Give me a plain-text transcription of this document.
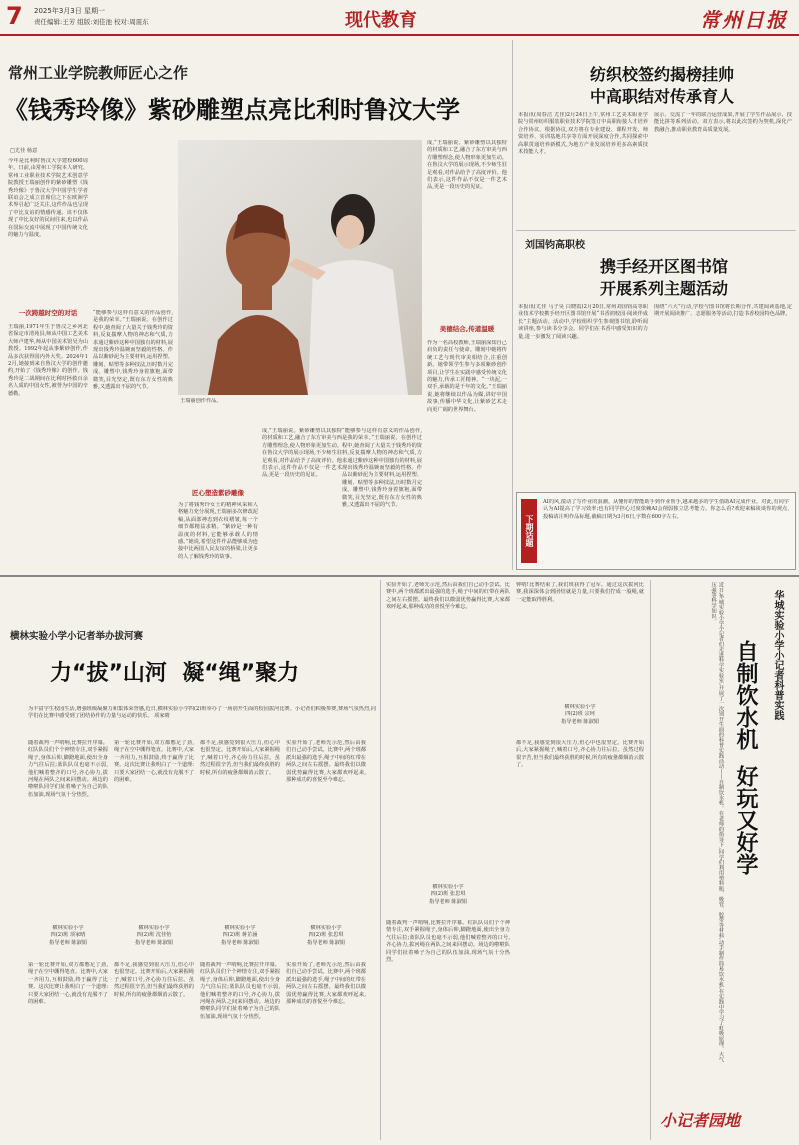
7 2025年3月3日 星期一
责任编辑:王芳 组版:刘佳池 校对:周震东	现代教育	常州日报
常州工业学院教师匠心之作
《钱秀玲像》紫砂雕塑点亮比利时鲁汶大学
□尤佳 杨意
今年是比利时鲁汶大学建校600周年。日前,由常州工学院本人研究、常州工业职业技术学院艺术创意学院教授王瑞丽创作的紫砂雕塑《钱秀玲像》于鲁汶大学中国学生学者联谊会之成立首席信之下在欧洲学术界引起广泛关注,这件作品也呈现了中比友谊的情感传递。该不仅体现了中比友好的民间往来,也以作品在国际交流中展现了中国传统文化的魅力与温度。
一次跨越时空的对话
王瑞丽,1971年生于鲁汶之乡河北省保定市清苑县,师从中国工艺美术大师卢建华,师从中国美术馆吴为山教授。1992年起从事紫砂创作,作品多次获得国内外大奖。2024年12月,她接到来自鲁汶大学的创作邀约,开始了《钱秀玲像》的创作。钱秀玲是二战期间在比利时拯救百余名人质的中国女性,被誉为中国的辛德勒。
“能够参与这样有意义的作品创作,是我的荣幸。”王瑞丽说。在创作过程中,她查阅了大量关于钱秀玲的资料,反复揣摩人物的神态和气质,力求通过紫砂这种中国独有的材料,展现出钱秀玲温婉而坚毅的性格。作品以紫砂泥为主要材料,运用捏塑、雕刻、贴塑等多种技法,历时数月完成。雕塑中,钱秀玲身着旗袍,面带微笑,目光坚定,既有东方女性的典雅,又透露出不屈的气节。
王瑞丽创作作品。
匠心塑造紫砂雕像
为了将钱秀玲女士的精神风采和人格魅力充分展现,王瑞丽多次修改泥稿,从面部神态到衣纹褶皱,每一个细节都精益求精。“紫砂是一种有温度的材料,它能够承载人的情感。”她说,希望这件作品能够成为连接中比两国人民友谊的桥梁,让更多的人了解钱秀玲的故事。
成,”王瑞丽说。紫砂雕塑以其独特的材质和工艺,融合了东方审美与西方雕塑理念,使人物形象更加生动。在鲁汶大学的展示现场,不少师生驻足观看,对作品给予了高度评价。他们表示,这件作品不仅是一件艺术品,更是一段历史的见证。
“能够参与这样有意义的作品创作,是我的荣幸。”王瑞丽说。在创作过程中,她查阅了大量关于钱秀玲的资料,反复揣摩人物的神态和气质,力求通过紫砂这种中国独有的材料,展现出钱秀玲温婉而坚毅的性格。作品以紫砂泥为主要材料,运用捏塑、雕刻、贴塑等多种技法,历时数月完成。雕塑中,钱秀玲身着旗袍,面带微笑,目光坚定,既有东方女性的典雅,又透露出不屈的气节。
成,”王瑞丽说。紫砂雕塑以其独特的材质和工艺,融合了东方审美与西方雕塑理念,使人物形象更加生动。在鲁汶大学的展示现场,不少师生驻足观看,对作品给予了高度评价。他们表示,这件作品不仅是一件艺术品,更是一段历史的见证。
美德结合,传道温暖
作为一名高校教师,王瑞丽深知自己肩负的责任与使命。雕刻中她将传统工艺与现代审美相结合,注重创新。她带领学生参与多项紫砂创作项目,让学生在实践中感受传统文化的魅力,传承工匠精神。“一块泥,一双手,承载的是千年的文化。”王瑞丽说,她将继续以作品为媒,讲好中国故事,传播中华文化,让紫砂艺术走向更广阔的世界舞台。
纺织校签约揭榜挂帅
中高职结对传承育人
本报讯(周春洁 尤佳)2月24日上午,常州工艺美术职业学院与常州纺织服装职业技术学院签订中高职衔接人才培养合作协议。根据协议,双方将在专业建设、课程开发、师资培养、实训基地共享等方面开展深度合作,共同探索中高职贯通培养新模式,为地方产业发展培养更多高素质技术技能人才。
展示、交流了一年的联合运营成果,开展了学生作品展示、技能比拼等系列活动。双方表示,将以此次签约为契机,深化产教融合,推动职业教育高质量发展。
刘国钧高职校
携手经开区图书馆
开展系列主题活动
本报讯(尤佳 马子昊 白晓霞)2月20日,常州刘国钧高等职业技术学校携手经开区图书馆开展“书香润校园·阅读伴成长”主题活动。活动中,学校组织学生参观图书馆,聆听阅读讲座,参与读书分享会。同学们在书香中感受知识的力量,进一步激发了阅读兴趣。
围绕“六大”行动,学校与图书馆将长期合作,共建阅读基地,定期开展阅读推广、志愿服务等活动,打造书香校园特色品牌。
下期话题
AI的风,搅动了写作业的浪潮。从懂你的智能助手到作业帮手,越来越多的学生借助AI完成作业。对此,有同学认为AI提高了学习效率;也有同学担心过度依赖AI会削弱独立思考能力。你怎么看?欢迎来稿谈谈你的观点,投稿请注明作品标题,截稿日期为3月6日,字数在600字左右。
横林实验小学小记者举办拔河赛
力“拔”山河  凝“绳”聚力
为丰富学生校园生活,增强班级凝聚力和集体荣誉感,近日,横林实验小学四(2)班举办了一场别开生面的校园拔河比赛。小记者们积极参赛,赛场气氛热烈,同学们在比赛中感受到了团结协作的力量与运动的快乐。 项家晴
随着裁判一声哨响,比赛拉开序幕。红队队员们个个神情专注,双手紧握绳子,身体后仰,脚蹬地面,使出全身力气往后拉;蓝队队员也毫不示弱,他们喊着整齐的口号,齐心协力,拔河绳在两队之间来回摆动。场边的啦啦队同学们扯着嗓子为自己的队伍加油,现场气氛十分热烈。
横林实验小学
四(2)班 项家晴
指导老师 陈淑娟
第一轮比赛开始,双方都憋足了劲,绳子在空中绷得笔直。比赛中,大家一齐用力,互相鼓励,终于赢得了比赛。这次比赛让我明白了一个道理:只要大家团结一心,就没有克服不了的困难。
第一轮比赛开始,双方都憋足了劲,绳子在空中绷得笔直。比赛中,大家一齐用力,互相鼓励,终于赢得了比赛。这次比赛让我明白了一个道理:只要大家团结一心,就没有克服不了的困难。
横林实验小学
四(2)班 沈佳怡
指导老师 陈淑娟
都不足,我感觉到很大压力,但心中也很坚定。比赛开始后,大家紧握绳子,喊着口号,齐心协力往后拉。虽然过程很辛苦,但当我们最终获胜的时候,所有的疲惫都烟消云散了。
都不足,我感觉到很大压力,但心中也很坚定。比赛开始后,大家紧握绳子,喊着口号,齐心协力往后拉。虽然过程很辛苦,但当我们最终获胜的时候,所有的疲惫都烟消云散了。
横林实验小学
四(2)班 蒋芷涵
指导老师 陈淑娟
随着裁判一声哨响,比赛拉开序幕。红队队员们个个神情专注,双手紧握绳子,身体后仰,脚蹬地面,使出全身力气往后拉;蓝队队员也毫不示弱,他们喊着整齐的口号,齐心协力,拔河绳在两队之间来回摆动。场边的啦啦队同学们扯着嗓子为自己的队伍加油,现场气氛十分热烈。
实验开始了,老师先示范,然后由我们自己动手尝试。比赛中,两个班都派出最强的选手,绳子中间的红带在两队之间左右摇摆。最终我们以微弱优势赢得比赛,大家都欢呼起来,那种成功的喜悦至今难忘。
横林实验小学
四(2)班 张思琪
指导老师 陈淑娟
实验开始了,老师先示范,然后由我们自己动手尝试。比赛中,两个班都派出最强的选手,绳子中间的红带在两队之间左右摇摆。最终我们以微弱优势赢得比赛,大家都欢呼起来,那种成功的喜悦至今难忘。
实验开始了,老师先示范,然后由我们自己动手尝试。比赛中,两个班都派出最强的选手,绳子中间的红带在两队之间左右摇摆。最终我们以微弱优势赢得比赛,大家都欢呼起来,那种成功的喜悦至今难忘。
横林实验小学
四(2)班 张思琪
指导老师 陈淑娟
随着裁判一声哨响,比赛拉开序幕。红队队员们个个神情专注,双手紧握绳子,身体后仰,脚蹬地面,使出全身力气往后拉;蓝队队员也毫不示弱,他们喊着整齐的口号,齐心协力,拔河绳在两队之间来回摆动。场边的啦啦队同学们扯着嗓子为自己的队伍加油,现场气氛十分热烈。
钟哨!比赛结束了,我们班获得了冠军。通过这次拔河比赛,我深深体会到团结就是力量,只要我们拧成一股绳,就一定能取得胜利。
横林实验小学
四(2)班 宗珂
指导老师 陈淑娟
都不足,我感觉到很大压力,但心中也很坚定。比赛开始后,大家紧握绳子,喊着口号,齐心协力往后拉。虽然过程很辛苦,但当我们最终获胜的时候,所有的疲惫都烟消云散了。
华城实验小学小记者科普实践
自制饮水机  好玩又好学
近日,华城实验小学小记者们走进科学实验室,开展了一次别开生面的科普实践活动——自制饮水机。在老师的指导下,同学们利用塑料瓶、吸管、胶带等材料,动手制作简易饮水机,在实践中学习了虹吸原理、大气压强等科学知识。
小记者园地
